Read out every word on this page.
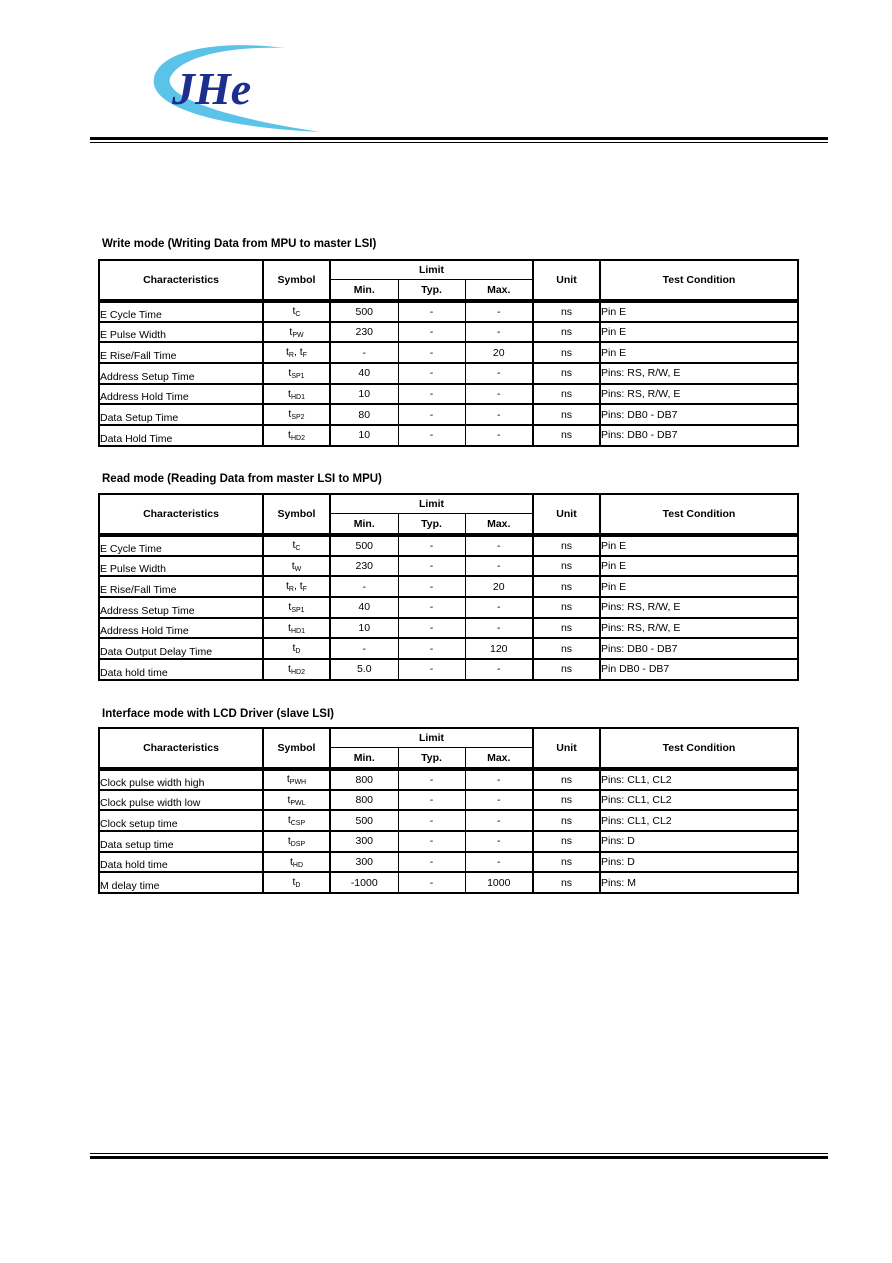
JHe
Write mode (Writing Data from MPU to master LSI)
Characteristics	Symbol	Limit			Unit	Test Condition
		Min.	Typ.	Max.		
E Cycle Time	tC	500	-	-	ns	Pin E
E Pulse Width	tPW	230	-	-	ns	Pin E
E Rise/Fall Time	tR, tF	-	-	20	ns	Pin E
Address Setup Time	tSP1	40	-	-	ns	Pins: RS, R/W, E
Address Hold Time	tHD1	10	-	-	ns	Pins: RS, R/W, E
Data Setup Time	tSP2	80	-	-	ns	Pins: DB0 - DB7
Data Hold Time	tHD2	10	-	-	ns	Pins: DB0 - DB7
Read mode (Reading Data from master LSI to MPU)
Characteristics	Symbol	Limit			Unit	Test Condition
		Min.	Typ.	Max.		
E Cycle Time	tC	500	-	-	ns	Pin E
E Pulse Width	tW	230	-	-	ns	Pin E
E Rise/Fall Time	tR, tF	-	-	20	ns	Pin E
Address Setup Time	tSP1	40	-	-	ns	Pins: RS, R/W, E
Address Hold Time	tHD1	10	-	-	ns	Pins: RS, R/W, E
Data Output Delay Time	tD	-	-	120	ns	Pins: DB0 - DB7
Data hold time	tHD2	5.0	-	-	ns	Pin DB0 - DB7
Interface mode with LCD Driver (slave LSI)
Characteristics	Symbol	Limit			Unit	Test Condition
		Min.	Typ.	Max.		
Clock pulse width high	tPWH	800	-	-	ns	Pins: CL1, CL2
Clock pulse width low	tPWL	800	-	-	ns	Pins: CL1, CL2
Clock setup time	tCSP	500	-	-	ns	Pins: CL1, CL2
Data setup time	tDSP	300	-	-	ns	Pins: D
Data hold time	tHD	300	-	-	ns	Pins: D
M delay time	tD	-1000	-	1000	ns	Pins: M
